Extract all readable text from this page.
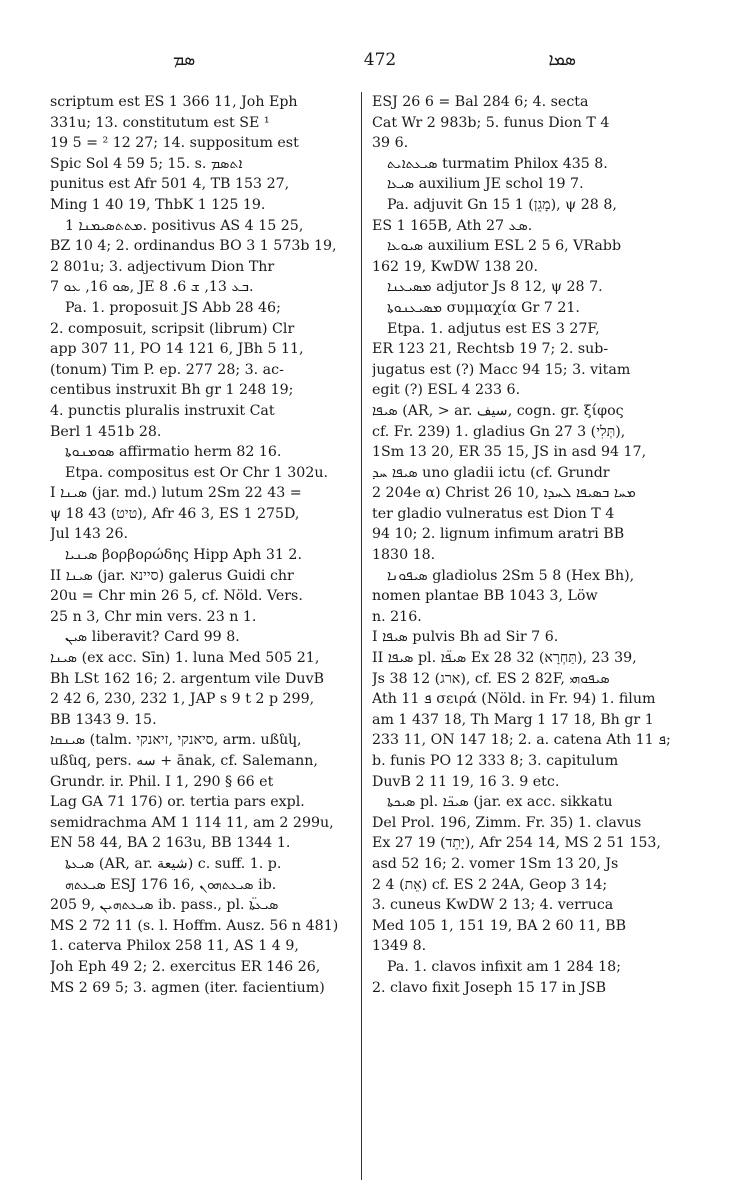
ܣܡ	472	ܣܡܐ
scriptum est ES 1 366 11, Joh Eph
331u; 13. constitutum est SE ¹
19 5 = ² 12 27; 14. suppositum est
Spic Sol 4 59 5; 15. s. ܐܬܣܡ
punitus est Afr 501 4, TB 153 27,
Ming 1 40 19, ThbK 1 125 19.
ܡܬܬܣܝܡܢܐ 1. positivus AS 4 15 25,
BZ 10 4; 2. ordinandus BO 3 1 573b 19,
2 801u; 3. adjectivum Dion Thr
ܣܘ 16, ܥܘ 7, JE ܒܥ 13, ܫ 6. 8.
Pa. 1. proposuit JS Abb 28 46;
2. composuit, scripsit (librum) Clr
app 307 11, PO 14 121 6, JBh 5 11,
(tonum) Tim P. ep. 277 28; 3. ac-
centibus instruxit Bh gr 1 248 19;
4. punctis pluralis instruxit Cat
Berl 1 451b 28.
ܣܘܡܢܘܬܐ affirmatio herm 82 16.
Etpa. compositus est Or Chr 1 302u.
I ܣܝܢܐ (jar. md.) lutum 2Sm 22 43 =
ψ 18 43 (טיט), Afr 46 3, ES 1 275D,
Jul 143 26.
ܣܝܢܝܐ βορβορώδης Hipp Aph 31 2.
II ܣܝܢܐ (jar. סיינא) galerus Guidi chr
20u = Chr min 26 5, cf. Nöld. Vers.
25 n 3, Chr min vers. 23 n 1.
ܣܝܢ liberavit? Card 99 8.
ܣܝܢܐ (ex acc. Sīn) 1. luna Med 505 21,
Bh LSt 162 16; 2. argentum vile DuvB
2 42 6, 230, 232 1, JAP s 9 t 2 p 299,
BB 1343 9. 15.
ܣܝܢܩܐ (talm. סיאנקי ,זיאנקי, arm. ußնկ,
ußնq, pers. سه + ānak, cf. Salemann,
Grundr. ir. Phil. I 1, 290 § 66 et
Lag GA 71 176) or. tertia pars expl.
semidrachma AM 1 114 11, am 2 299u,
EN 58 44, BA 2 163u, BB 1344 1.
ܣܝܥܬܐ (AR, ar. شيعة) c. suff. 1. p.
ܣܝܥܬܗ ESJ 176 16, ܣܝܥܬܗܘܢ ib.
205 9, ܣܝܥܬܗܝܢ ib. pass., pl. ܣܝܥܬ̈ܐ
MS 2 72 11 (s. l. Hoffm. Ausz. 56 n 481)
1. caterva Philox 258 11, AS 1 4 9,
Joh Eph 49 2; 2. exercitus ER 146 26,
MS 2 69 5; 3. agmen (iter. facientium)
ESJ 26 6 = Bal 284 6; 4. secta
Cat Wr 2 983b; 5. funus Dion T 4
39 6.
ܣܝܥܬܐܝܬ turmatim Philox 435 8.
ܣܝܥܐ auxilium JE schol 19 7.
Pa. adjuvit Gn 15 1 (מָגֵן), ψ 28 8,
ES 1 165B, Ath ܣܥ 27.
ܣܝܘܥܐ auxilium ESL 2 5 6, VRabb
162 19, KwDW 138 20.
ܡܣܝܥܢܐ adjutor Js 8 12, ψ 28 7.
ܡܣܝܥܢܘܬܐ συμμαχία Gr 7 21.
Etpa. 1. adjutus est ES 3 27F,
ER 123 21, Rechtsb 19 7; 2. sub-
jugatus est (?) Macc 94 15; 3. vitam
egit (?) ESL 4 233 6.
ܣܝܦܐ (AR, > ar. سيف, cogn. gr. ξίφος
cf. Fr. 239) 1. gladius Gn 27 3 (תְּלִי),
1Sm 13 20, ER 35 15, JS in asd 94 17,
ܣܝܦܐ ܚܕ uno gladii ictu (cf. Grundr
2 204e α) Christ 26 10, ܡܚܐ ܒܣܝܦܐ ܠܚܕܐ
ter gladio vulneratus est Dion T 4
94 10; 2. lignum infimum aratri BB
1830 18.
ܣܝܦܘܢܐ gladiolus 2Sm 5 8 (Hex Bh),
nomen plantae BB 1043 3, Löw
n. 216.
I ܣܝܦܐ pulvis Bh ad Sir 7 6.
II ܣܝܦܐ pl. ܣܝܦ̈ܐ Ex 28 32 (תַּחְרָא), 39 23,
Js 38 12 (ארג), cf. ES 2 82F, ܣܝܦܘܗܝ
Ath ܦ 11 σειρά (Nöld. in Fr. 94) 1. filum
am 1 437 18, Th Marg 1 17 18, Bh gr 1
233 11, ON 147 18; 2. a. catena Ath ܦ 11;
b. funis PO 12 333 8; 3. capitulum
DuvB 2 11 19, 16 3. 9 etc.
ܣܝܟܬܐ pl. ܣܝܟ̈ܐ (jar. ex acc. sikkatu
Del Prol. 196, Zimm. Fr. 35) 1. clavus
Ex 27 19 (יָתֵד), Afr 254 14, MS 2 51 153,
asd 52 16; 2. vomer 1Sm 13 20, Js
2 4 (אֵת) cf. ES 2 24A, Geop 3 14;
3. cuneus KwDW 2 13; 4. verruca
Med 105 1, 151 19, BA 2 60 11, BB
1349 8.
Pa. 1. clavos infixit am 1 284 18;
2. clavo fixit Joseph 15 17 in JSB
